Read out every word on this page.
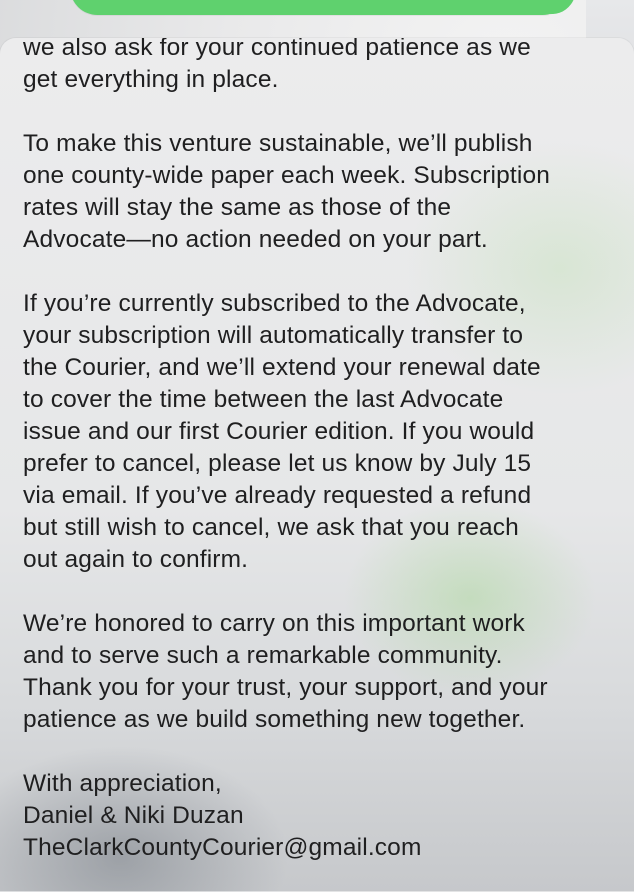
we also ask for your continued patience as we
get everything in place.
To make this venture sustainable, we’ll publish
one county-wide paper each week. Subscription
rates will stay the same as those of the
Advocate—no action needed on your part.
If you’re currently subscribed to the Advocate,
your subscription will automatically transfer to
the Courier, and we’ll extend your renewal date
to cover the time between the last Advocate
issue and our first Courier edition. If you would
prefer to cancel, please let us know by July 15
via email. If you’ve already requested a refund
but still wish to cancel, we ask that you reach
out again to confirm.
We’re honored to carry on this important work
and to serve such a remarkable community.
Thank you for your trust, your support, and your
patience as we build something new together.
With appreciation,
Daniel & Niki Duzan
TheClarkCountyCourier@gmail.com
